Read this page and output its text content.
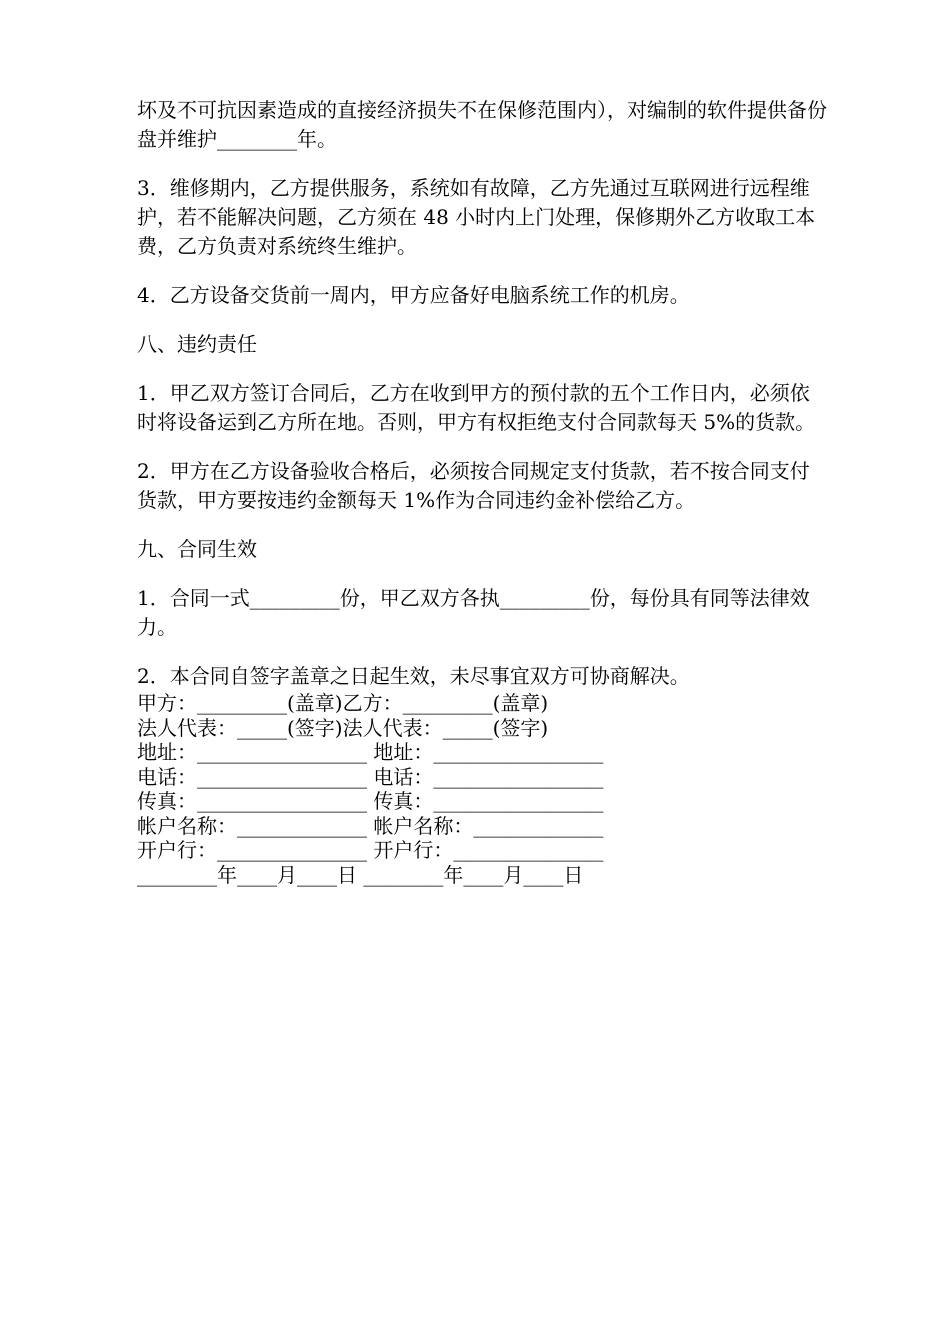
坏及不可抗因素造成的直接经济损失不在保修范围内），对编制的软件提供备份盘并维护________年。

3．维修期内，乙方提供服务，系统如有故障，乙方先通过互联网进行远程维护，若不能解决问题，乙方须在 48 小时内上门处理，保修期外乙方收取工本费，乙方负责对系统终生维护。

4．乙方设备交货前一周内，甲方应备好电脑系统工作的机房。

八、违约责任

1．甲乙双方签订合同后，乙方在收到甲方的预付款的五个工作日内，必须依时将设备运到乙方所在地。否则，甲方有权拒绝支付合同款每天 5%的货款。

2．甲方在乙方设备验收合格后，必须按合同规定支付货款，若不按合同支付货款，甲方要按违约金额每天 1%作为合同违约金补偿给乙方。

九、合同生效

1．合同一式_________份，甲乙双方各执_________份，每份具有同等法律效力。

2．本合同自签字盖章之日起生效，未尽事宜双方可协商解决。

甲方：_________(盖章)乙方：_________(盖章)

法人代表：_____(签字)法人代表：_____(签字)

地址：_________________ 地址：_________________

电话：_________________ 电话：_________________

传真：_________________ 传真：_________________

帐户名称：_____________ 帐户名称：_____________

开户行：_______________ 开户行：_______________

________年____月____日 ________年____月____日
